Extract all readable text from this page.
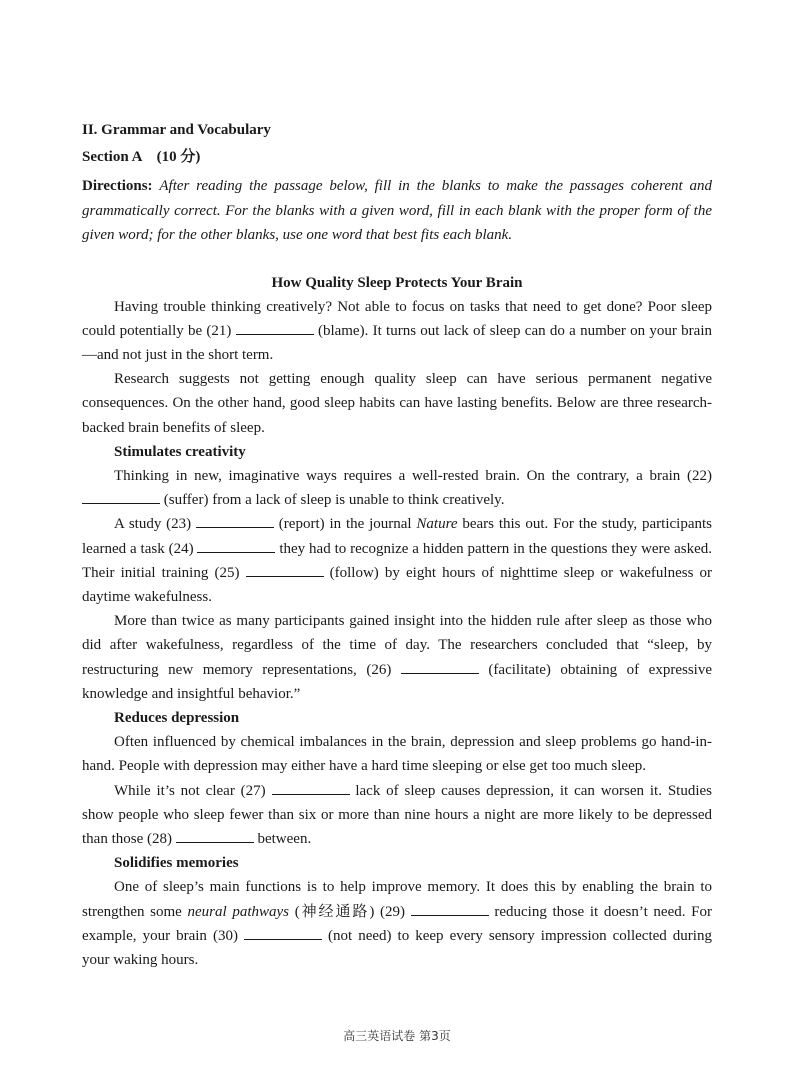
II. Grammar and Vocabulary
Section A　(10 分)

Directions: After reading the passage below, fill in the blanks to make the passages coherent and grammatically correct. For the blanks with a given word, fill in each blank with the proper form of the given word; for the other blanks, use one word that best fits each blank.

How Quality Sleep Protects Your Brain

Having trouble thinking creatively? Not able to focus on tasks that need to get done? Poor sleep could potentially be (21)	(blame). It turns out lack of sleep can do a number on your brain—and not just in the short term.

Research suggests not getting enough quality sleep can have serious permanent negative consequences. On the other hand, good sleep habits can have lasting benefits. Below are three research-backed brain benefits of sleep.

Stimulates creativity

Thinking in new, imaginative ways requires a well-rested brain. On the contrary, a brain (22)  (suffer) from a lack of sleep is unable to think creatively.

A study (23)	(report) in the journal Nature bears this out. For the study, participants learned a task (24)	they had to recognize a hidden pattern in the questions they were asked. Their initial training (25)	(follow) by eight hours of nighttime sleep or wakefulness or daytime wakefulness.

More than twice as many participants gained insight into the hidden rule after sleep as those who did after wakefulness, regardless of the time of day. The researchers concluded that “sleep, by restructuring new memory representations, (26)	(facilitate) obtaining of expressive knowledge and insightful behavior.”

Reduces depression

Often influenced by chemical imbalances in the brain, depression and sleep problems go hand-in-hand. People with depression may either have a hard time sleeping or else get too much sleep.

While it’s not clear (27)	lack of sleep causes depression, it can worsen it. Studies show people who sleep fewer than six or more than nine hours a night are more likely to be depressed than those (28)	between.

Solidifies memories

One of sleep’s main functions is to help improve memory. It does this by enabling the brain to strengthen some neural pathways (神经通路) (29)	reducing those it doesn’t need. For example, your brain (30)	(not need) to keep every sensory impression collected during your waking hours.

高三英语试卷 第3页
